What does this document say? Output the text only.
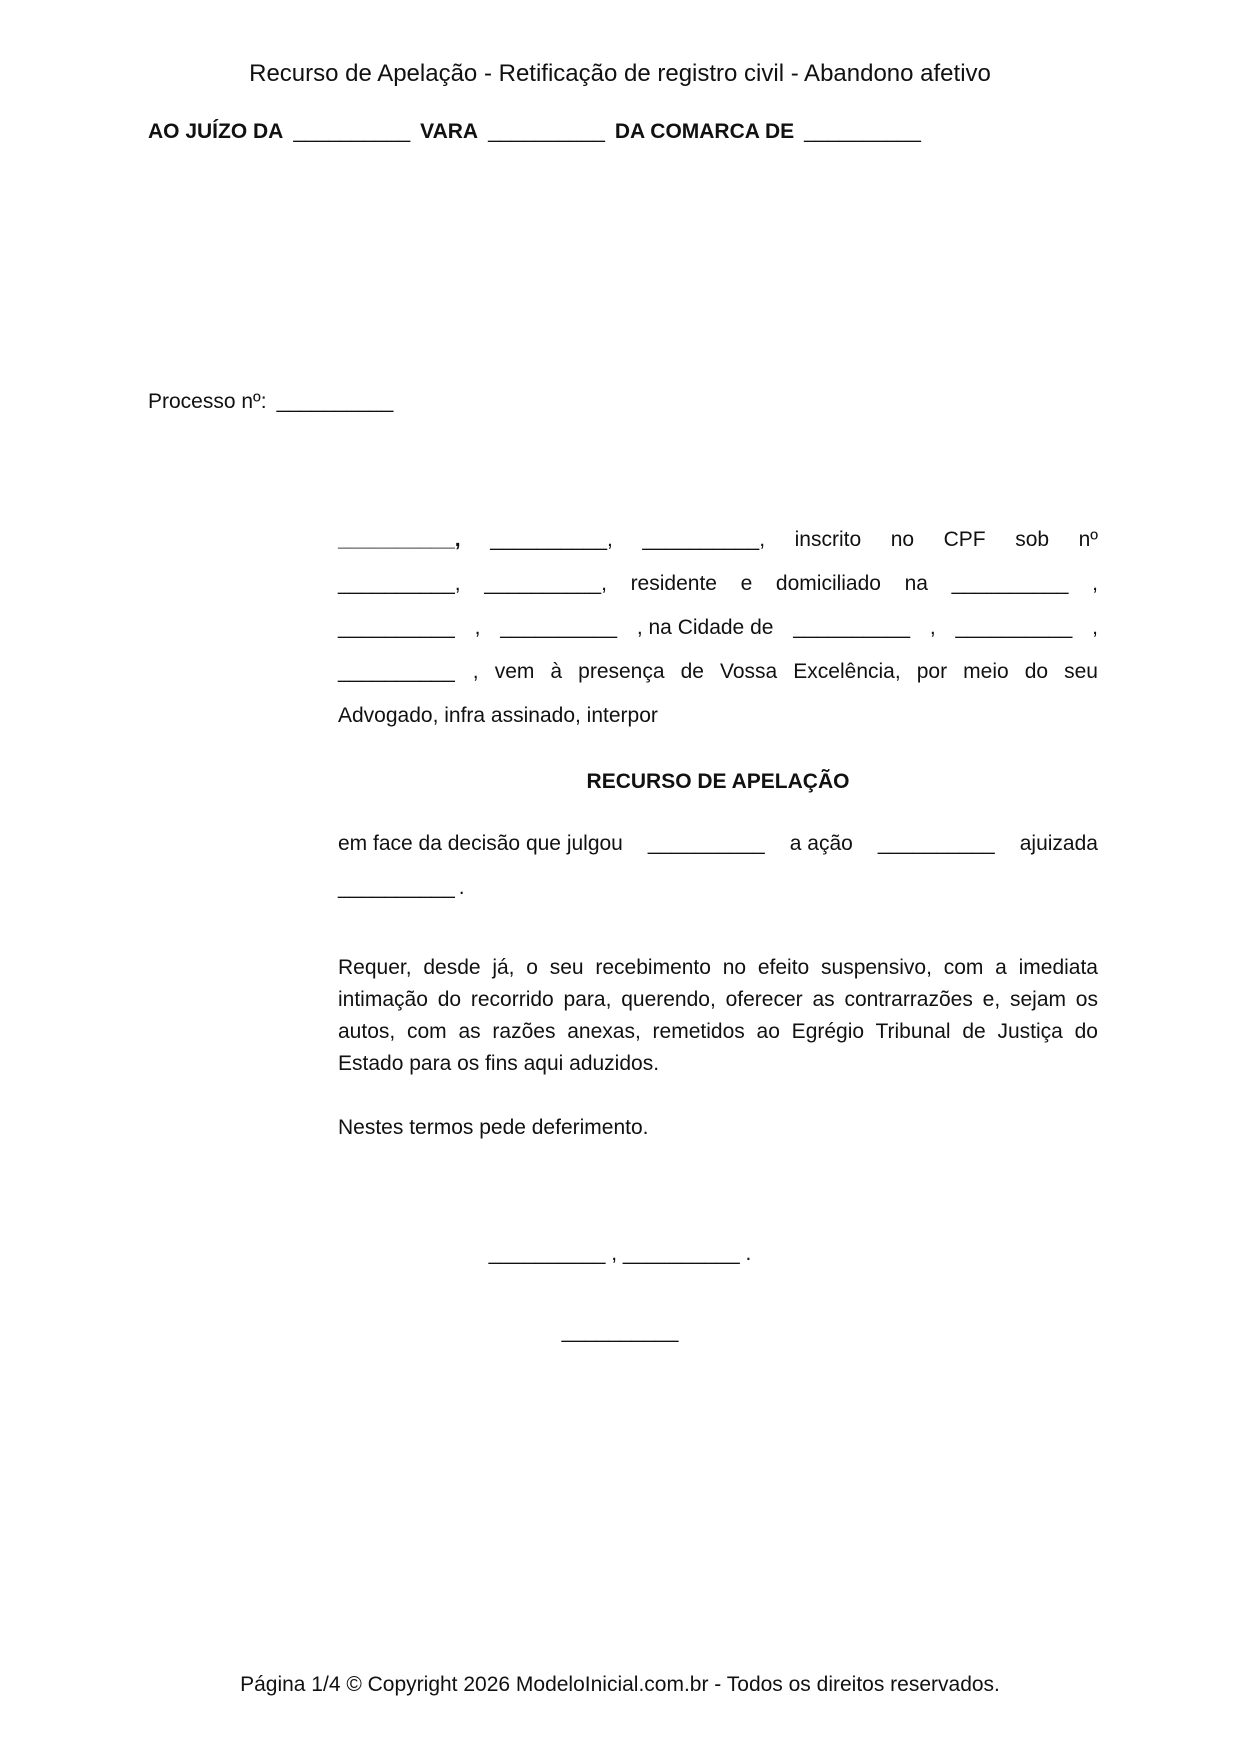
Recurso de Apelação - Retificação de registro civil - Abandono afetivo
AO JUÍZO DA __________ VARA __________ DA COMARCA DE __________
Processo nº: __________
__________, __________, __________, inscrito no CPF sob nº
__________, __________, residente e domiciliado na __________ ,
__________ , __________ , na Cidade de __________ , __________ ,
__________ , vem à presença de Vossa Excelência, por meio do seu
Advogado, infra assinado, interpor
RECURSO DE APELAÇÃO
em face da decisão que julgou __________ a ação __________ ajuizada
__________ .
Requer, desde já, o seu recebimento no efeito suspensivo, com a imediata intimação do recorrido para, querendo, oferecer as contrarrazões e, sejam os autos, com as razões anexas, remetidos ao Egrégio Tribunal de Justiça do Estado para os fins aqui aduzidos.
Nestes termos pede deferimento.
__________ , __________ .
__________
Página 1/4 © Copyright 2026 ModeloInicial.com.br - Todos os direitos reservados.
